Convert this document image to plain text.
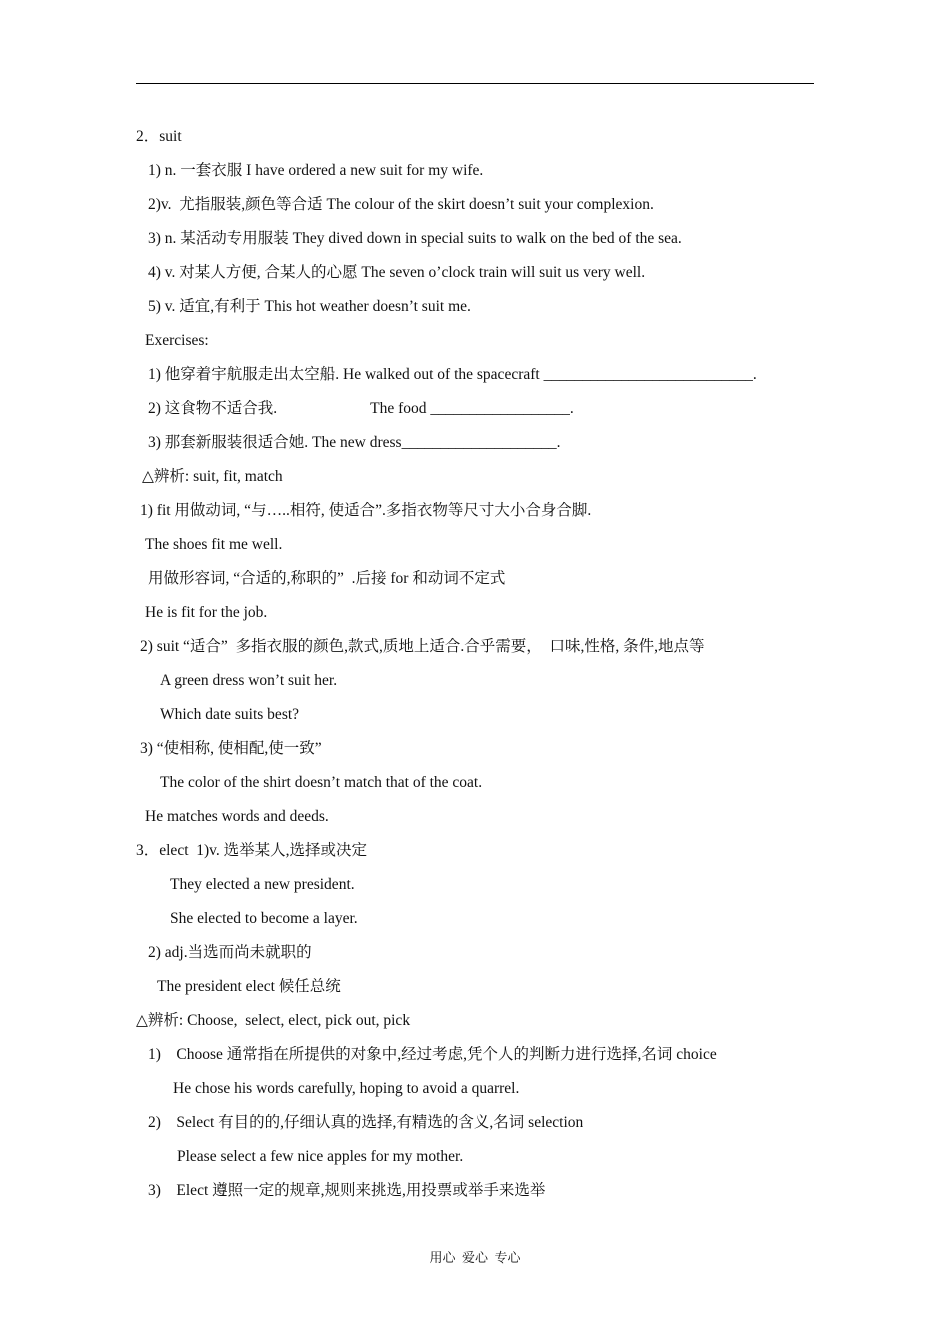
2．suit
1) n. 一套衣服 I have ordered a new suit for my wife.
2)v.  尤指服装,颜色等合适 The colour of the skirt doesn’t suit your complexion.
3) n. 某活动专用服装 They dived down in special suits to walk on the bed of the sea.
4) v. 对某人方便, 合某人的心愿 The seven o’clock train will suit us very well.
5) v. 适宜,有利于 This hot weather doesn’t suit me.
Exercises:
1) 他穿着宇航服走出太空船. He walked out of the spacecraft ___________________________.
2) 这食物不适合我.                        The food __________________.
3) 那套新服装很适合她. The new dress____________________.
△辨析: suit, fit, match
1) fit 用做动词, “与…..相符, 使适合”.多指衣物等尺寸大小合身合脚.
The shoes fit me well.
用做形容词, “合适的,称职的”  .后接 for 和动词不定式
He is fit for the job.
2) suit “适合”  多指衣服的颜色,款式,质地上适合.合乎需要，  口味,性格, 条件,地点等
A green dress won’t suit her.
Which date suits best?
3) “使相称, 使相配,使一致”
The color of the shirt doesn’t match that of the coat.
He matches words and deeds.
3．elect  1)v. 选举某人,选择或决定
They elected a new president.
She elected to become a layer.
2) adj.当选而尚未就职的
The president elect 候任总统
△辨析: Choose,  select, elect, pick out, pick
1)    Choose 通常指在所提供的对象中,经过考虑,凭个人的判断力进行选择,名词 choice
He chose his words carefully, hoping to avoid a quarrel.
2)    Select 有目的的,仔细认真的选择,有精选的含义,名词 selection
Please select a few nice apples for my mother.
3)    Elect 遵照一定的规章,规则来挑选,用投票或举手来选举
用心  爱心  专心
